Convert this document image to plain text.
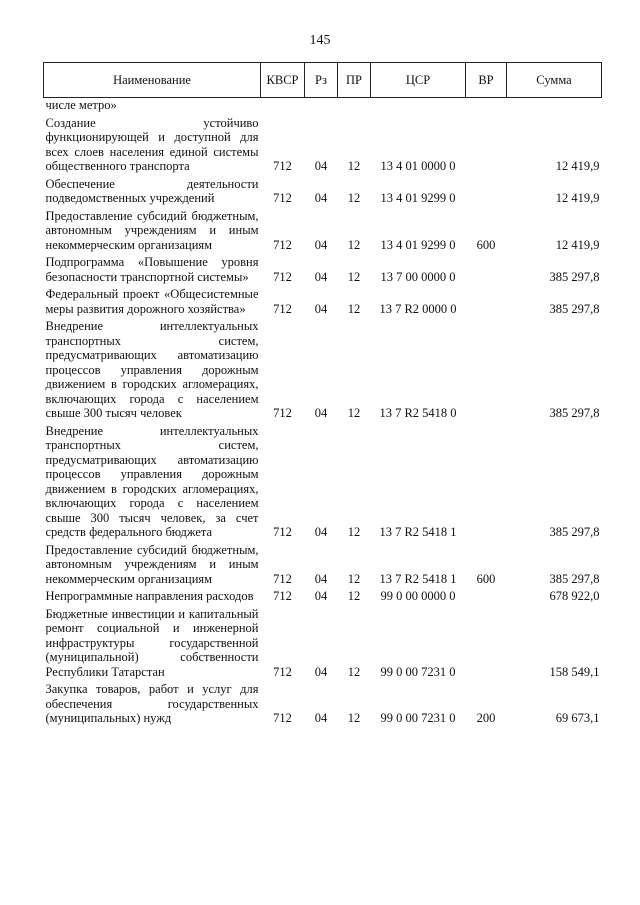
145
Наименование	КВСР	Рз	ПР	ЦСР	ВР	Сумма
числе метро»						
Создание устойчиво функционирующей и доступной для всех слоев населения единой системы общественного транспорта	712	04	12	13 4 01 0000 0		12 419,9
Обеспечение деятельности подведомственных учреждений	712	04	12	13 4 01 9299 0		12 419,9
Предоставление субсидий бюджетным, автономным учреждениям и иным некоммерческим организациям	712	04	12	13 4 01 9299 0	600	12 419,9
Подпрограмма «Повышение уровня безопасности транспортной системы»	712	04	12	13 7 00 0000 0		385 297,8
Федеральный проект «Общесистемные меры развития дорожного хозяйства»	712	04	12	13 7 R2 0000 0		385 297,8
Внедрение интеллектуальных транспортных систем, предусматривающих автоматизацию процессов управления дорожным движением в городских агломерациях, включающих города с населением свыше 300 тысяч человек	712	04	12	13 7 R2 5418 0		385 297,8
Внедрение интеллектуальных транспортных систем, предусматривающих автоматизацию процессов управления дорожным движением в городских агломерациях, включающих города с населением свыше 300 тысяч человек, за счет средств федерального бюджета	712	04	12	13 7 R2 5418 1		385 297,8
Предоставление субсидий бюджетным, автономным учреждениям и иным некоммерческим организациям	712	04	12	13 7 R2 5418 1	600	385 297,8
Непрограммные направления расходов	712	04	12	99 0 00 0000 0		678 922,0
Бюджетные инвестиции и капитальный ремонт социальной и инженерной инфраструктуры государственной (муниципальной) собственности Республики Татарстан	712	04	12	99 0 00 7231 0		158 549,1
Закупка товаров, работ и услуг для обеспечения государственных (муниципальных) нужд	712	04	12	99 0 00 7231 0	200	69 673,1
